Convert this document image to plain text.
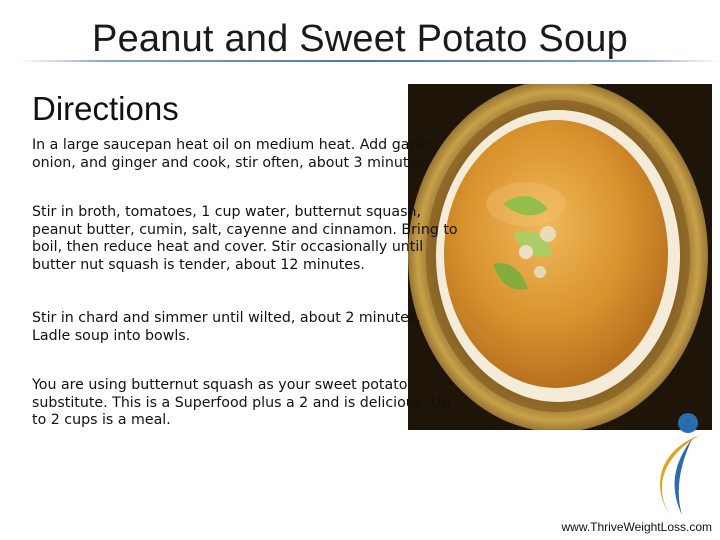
Peanut and Sweet Potato Soup
Directions

In a large saucepan heat oil on medium heat. Add garlic,
onion, and ginger and cook, stir often, about 3 minutes.

Stir in broth, tomatoes, 1 cup water, butternut squash,
peanut butter, cumin, salt, cayenne and cinnamon. Bring to
boil, then reduce heat and cover. Stir occasionally until
butter nut squash is tender, about 12 minutes.

Stir in chard and simmer until wilted, about 2 minutes.
Ladle soup into bowls.

You are using butternut squash as your sweet potato
substitute. This is a Superfood plus a 2 and is delicious. Up
to 2 cups is a meal.

www.ThriveWeightLoss.com
